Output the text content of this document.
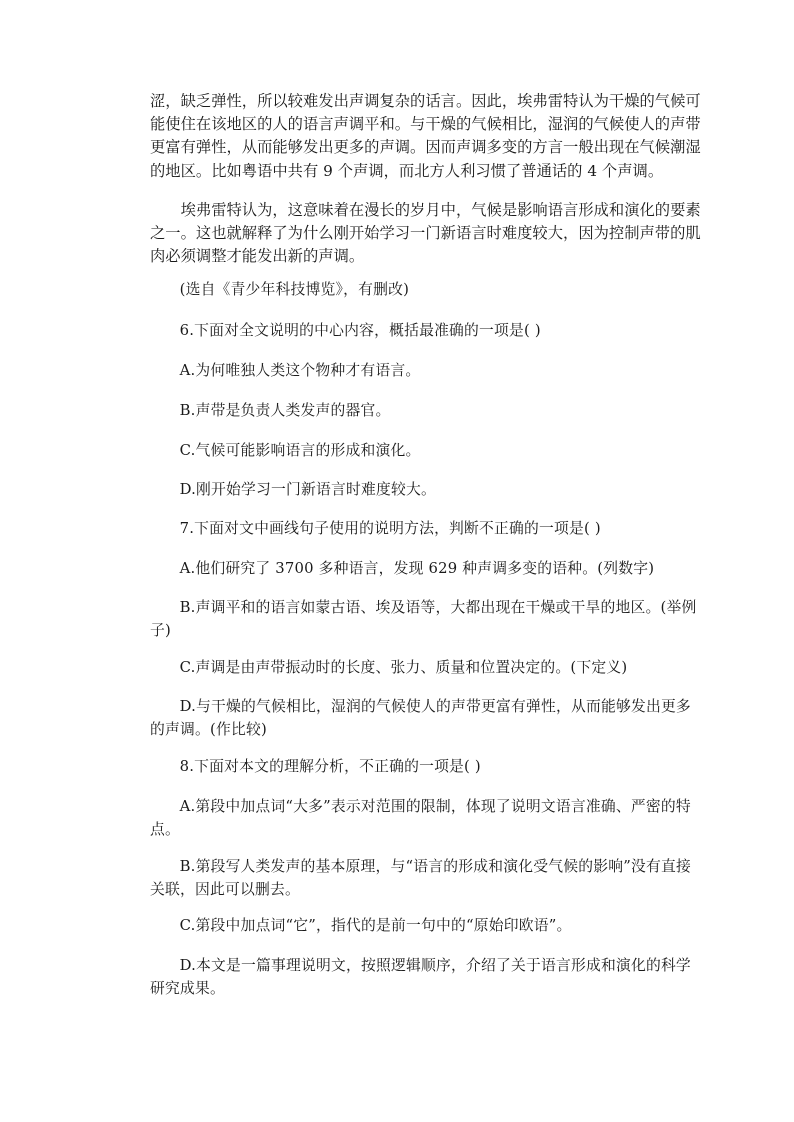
涩，缺乏弹性，所以较难发出声调复杂的话言。因此，埃弗雷特认为干燥的气候可能使住在该地区的人的语言声调平和。与干燥的气候相比，湿润的气候使人的声带更富有弹性，从而能够发出更多的声调。因而声调多变的方言一般出现在气候潮湿的地区。比如粤语中共有 9 个声调，而北方人利习惯了普通话的 4 个声调。

埃弗雷特认为，这意味着在漫长的岁月中，气候是影响语言形成和演化的要素之一。这也就解释了为什么刚开始学习一门新语言时难度较大，因为控制声带的肌肉必须调整才能发出新的声调。

(选自《青少年科技博览》，有删改)

6.下面对全文说明的中心内容，概括最准确的一项是( )

A.为何唯独人类这个物种才有语言。

B.声带是负责人类发声的器官。

C.气候可能影响语言的形成和演化。

D.刚开始学习一门新语言时难度较大。

7.下面对文中画线句子使用的说明方法，判断不正确的一项是( )

A.他们研究了 3700 多种语言，发现 629 种声调多变的语种。(列数字)

B.声调平和的语言如蒙古语、埃及语等，大都出现在干燥或干旱的地区。(举例子)

C.声调是由声带振动时的长度、张力、质量和位置决定的。(下定义)

D.与干燥的气候相比，湿润的气候使人的声带更富有弹性，从而能够发出更多的声调。(作比较)

8.下面对本文的理解分析，不正确的一项是( )

A.第段中加点词“大多”表示对范围的限制，体现了说明文语言准确、严密的特点。

B.第段写人类发声的基本原理，与“语言的形成和演化受气候的影响”没有直接关联，因此可以删去。

C.第段中加点词“它”，指代的是前一句中的“原始印欧语”。

D.本文是一篇事理说明文，按照逻辑顺序，介绍了关于语言形成和演化的科学研究成果。
